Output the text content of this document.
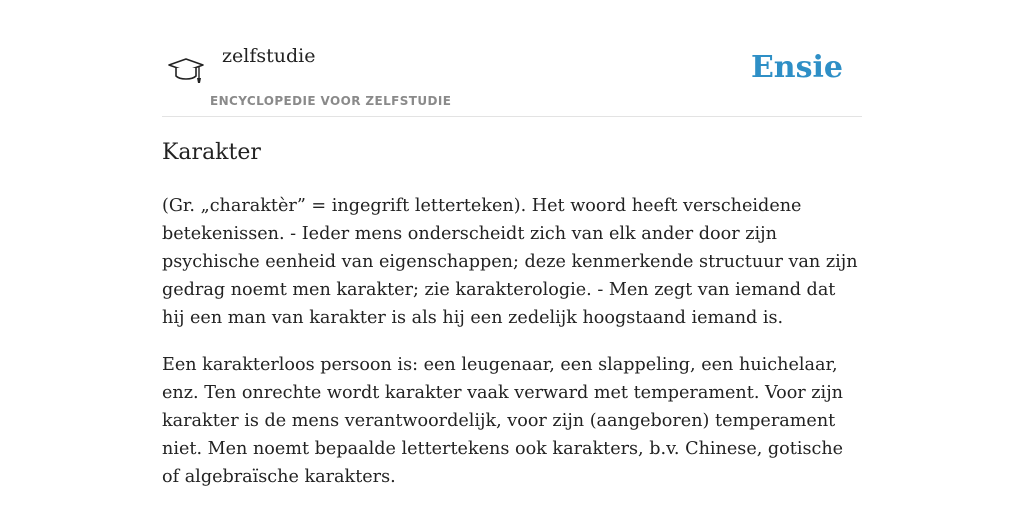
zelfstudie
ENCYCLOPEDIE VOOR ZELFSTUDIE
Ensie
Karakter

(Gr. „charaktèr” = ingegrift letterteken). Het woord heeft verscheidene betekenissen. - Ieder mens onderscheidt zich van elk ander door zijn psychische eenheid van eigenschappen; deze kenmerkende structuur van zijn gedrag noemt men karakter; zie karakterologie. - Men zegt van iemand dat hij een man van karakter is als hij een zedelijk hoogstaand iemand is.

Een karakterloos persoon is: een leugenaar, een slappeling, een huichelaar, enz. Ten onrechte wordt karakter vaak verward met temperament. Voor zijn karakter is de mens verantwoordelijk, voor zijn (aangeboren) temperament niet. Men noemt bepaalde lettertekens ook karakters, b.v. Chinese, gotische of algebraïsche karakters.
